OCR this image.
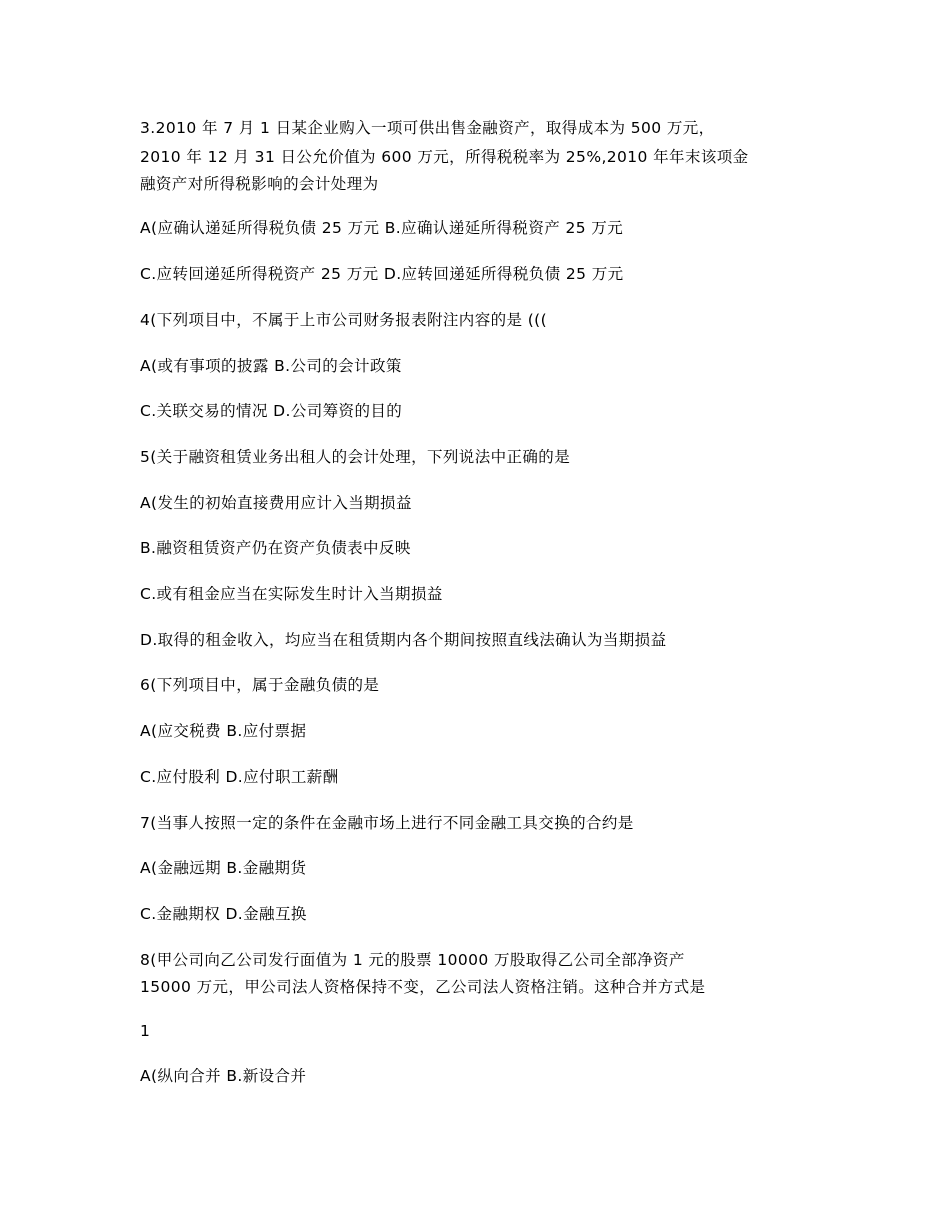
3.2010 年 7 月 1 日某企业购入一项可供出售金融资产，取得成本为 500 万元，
2010 年 12 月 31 日公允价值为 600 万元，所得税税率为 25%,2010 年年末该项金
融资产对所得税影响的会计处理为
A(应确认递延所得税负债 25 万元 B.应确认递延所得税资产 25 万元
C.应转回递延所得税资产 25 万元 D.应转回递延所得税负债 25 万元
4(下列项目中，不属于上市公司财务报表附注内容的是 (((
A(或有事项的披露 B.公司的会计政策
C.关联交易的情况 D.公司筹资的目的
5(关于融资租赁业务出租人的会计处理，下列说法中正确的是
A(发生的初始直接费用应计入当期损益
B.融资租赁资产仍在资产负债表中反映
C.或有租金应当在实际发生时计入当期损益
D.取得的租金收入，均应当在租赁期内各个期间按照直线法确认为当期损益
6(下列项目中，属于金融负债的是
A(应交税费 B.应付票据
C.应付股利 D.应付职工薪酬
7(当事人按照一定的条件在金融市场上进行不同金融工具交换的合约是
A(金融远期 B.金融期货
C.金融期权 D.金融互换
8(甲公司向乙公司发行面值为 1 元的股票 10000 万股取得乙公司全部净资产
15000 万元，甲公司法人资格保持不变，乙公司法人资格注销。这种合并方式是
1
A(纵向合并 B.新设合并
